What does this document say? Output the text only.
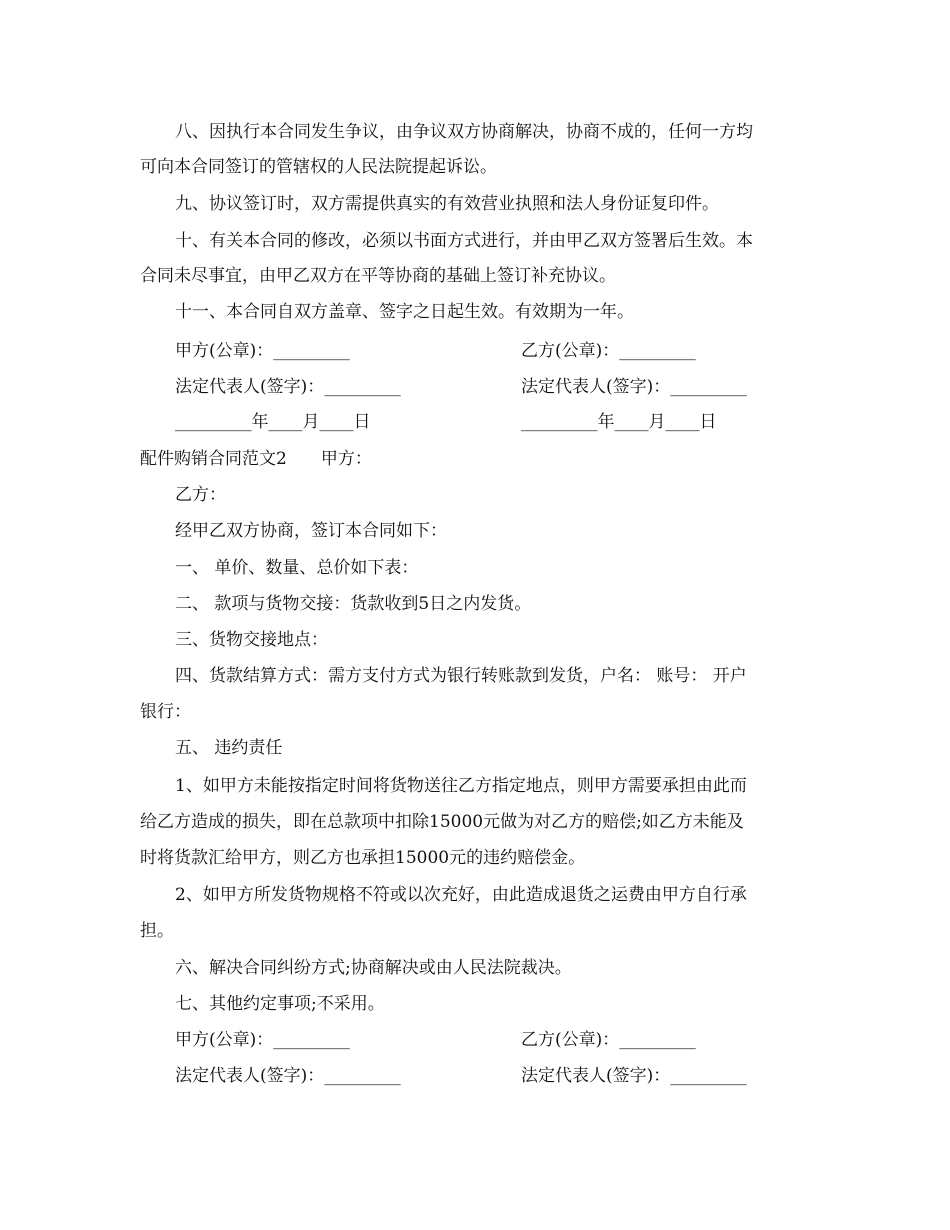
八、因执行本合同发生争议，由争议双方协商解决，协商不成的，任何一方均
可向本合同签订的管辖权的人民法院提起诉讼。
九、协议签订时，双方需提供真实的有效营业执照和法人身份证复印件。
十、有关本合同的修改，必须以书面方式进行，并由甲乙双方签署后生效。本
合同未尽事宜，由甲乙双方在平等协商的基础上签订补充协议。
十一、本合同自双方盖章、签字之日起生效。有效期为一年。
甲方(公章)：_________	乙方(公章)：_________
法定代表人(签字)：_________	法定代表人(签字)：_________
_________年____月____日	_________年____月____日
配件购销合同范文2　　甲方：
乙方：
经甲乙双方协商，签订本合同如下：
一、 单价、数量、总价如下表：
二、 款项与货物交接：货款收到5日之内发货。
三、货物交接地点：
四、货款结算方式：需方支付方式为银行转账款到发货，户名： 账号： 开户
银行：
五、 违约责任
1、如甲方未能按指定时间将货物送往乙方指定地点，则甲方需要承担由此而
给乙方造成的损失，即在总款项中扣除15000元做为对乙方的赔偿;如乙方未能及
时将货款汇给甲方，则乙方也承担15000元的违约赔偿金。
2、如甲方所发货物规格不符或以次充好，由此造成退货之运费由甲方自行承
担。
六、解决合同纠纷方式;协商解决或由人民法院裁决。
七、其他约定事项;不采用。
甲方(公章)：_________	乙方(公章)：_________
法定代表人(签字)：_________	法定代表人(签字)：_________
